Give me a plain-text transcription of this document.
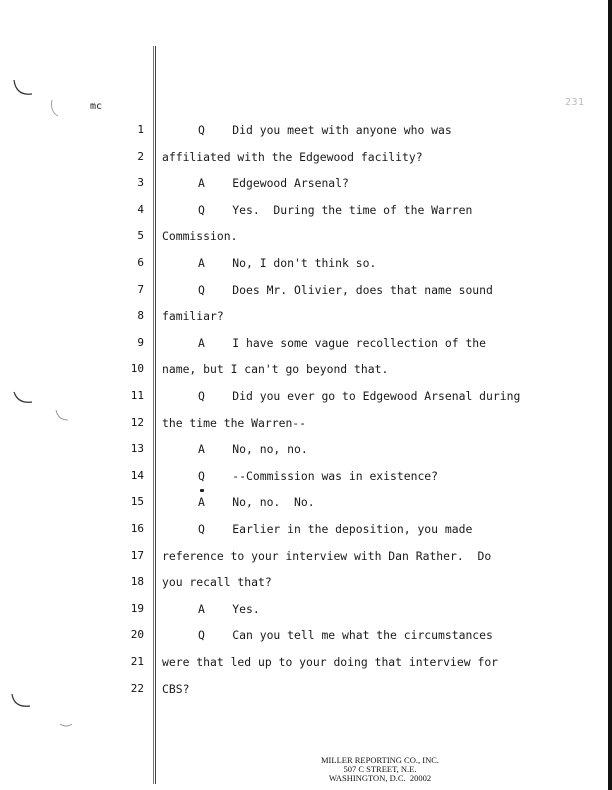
mc	231
1	Q    Did you meet with anyone who was
2 affiliated with the Edgewood facility?
3	A    Edgewood Arsenal?
4	Q    Yes.  During the time of the Warren
5 Commission.
6	A    No, I don't think so.
7	Q    Does Mr. Olivier, does that name sound
8 familiar?
9	A    I have some vague recollection of the
10 name, but I can't go beyond that.
11	Q    Did you ever go to Edgewood Arsenal during
12 the time the Warren--
13	A    No, no, no.
14	Q    --Commission was in existence?
15	A    No, no.  No.
16	Q    Earlier in the deposition, you made
17 reference to your interview with Dan Rather.  Do
18 you recall that?
19	A    Yes.
20	Q    Can you tell me what the circumstances
21 were that led up to your doing that interview for
22 CBS?
MILLER REPORTING CO., INC.
507 C STREET, N.E.
WASHINGTON, D.C.  20002
